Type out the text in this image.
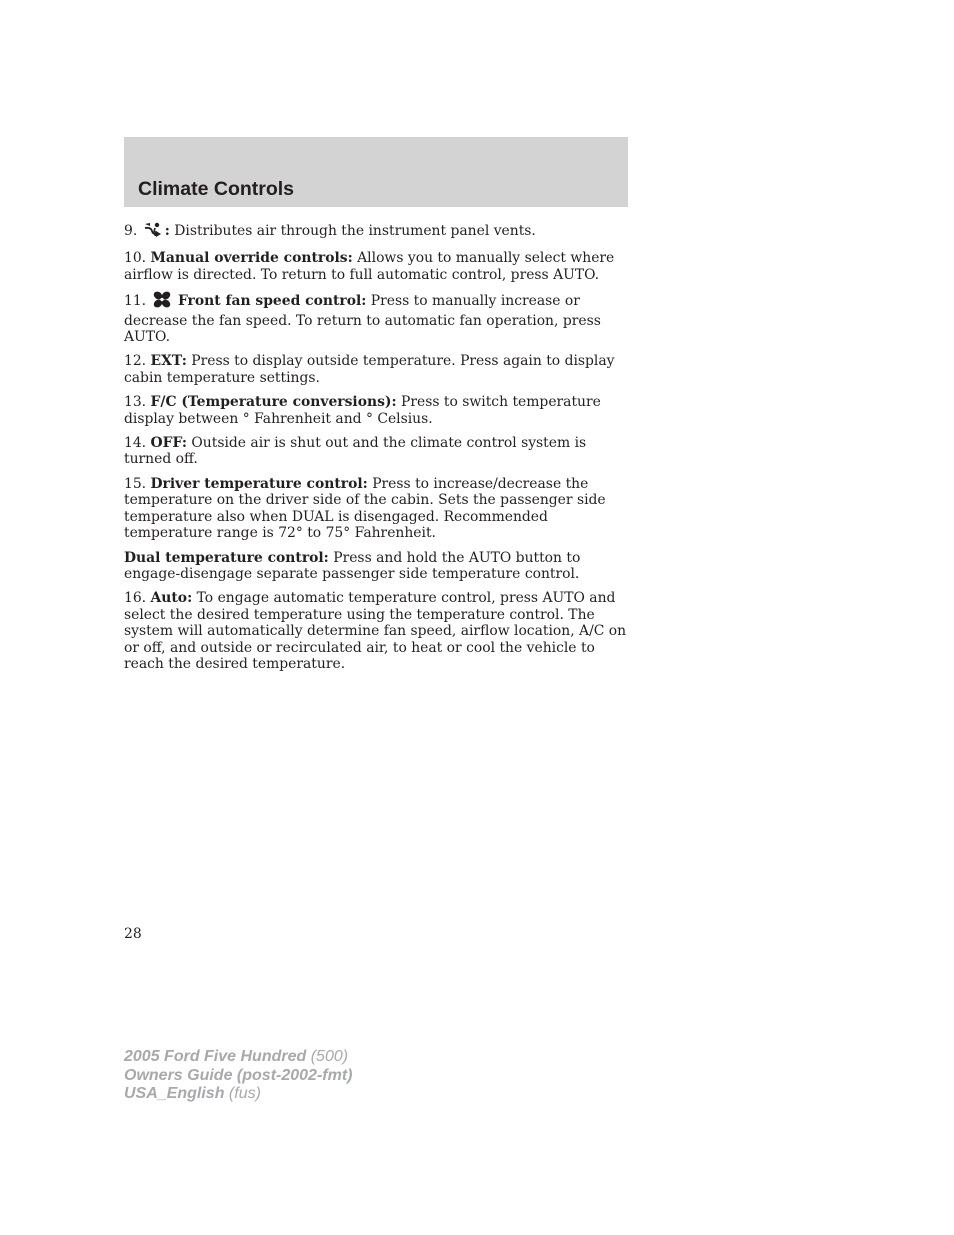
Climate Controls

9. : Distributes air through the instrument panel vents.

10. Manual override controls: Allows you to manually select where airflow is directed. To return to full automatic control, press AUTO.

11. Front fan speed control: Press to manually increase or decrease the fan speed. To return to automatic fan operation, press AUTO.

12. EXT: Press to display outside temperature. Press again to display cabin temperature settings.

13. F/C (Temperature conversions): Press to switch temperature display between ° Fahrenheit and ° Celsius.

14. OFF: Outside air is shut out and the climate control system is turned off.

15. Driver temperature control: Press to increase/decrease the temperature on the driver side of the cabin. Sets the passenger side temperature also when DUAL is disengaged. Recommended temperature range is 72° to 75° Fahrenheit.

Dual temperature control: Press and hold the AUTO button to engage-disengage separate passenger side temperature control.

16. Auto: To engage automatic temperature control, press AUTO and select the desired temperature using the temperature control. The system will automatically determine fan speed, airflow location, A/C on or off, and outside or recirculated air, to heat or cool the vehicle to reach the desired temperature.

28
2005 Ford Five Hundred (500)
Owners Guide (post-2002-fmt)
USA_English (fus)
